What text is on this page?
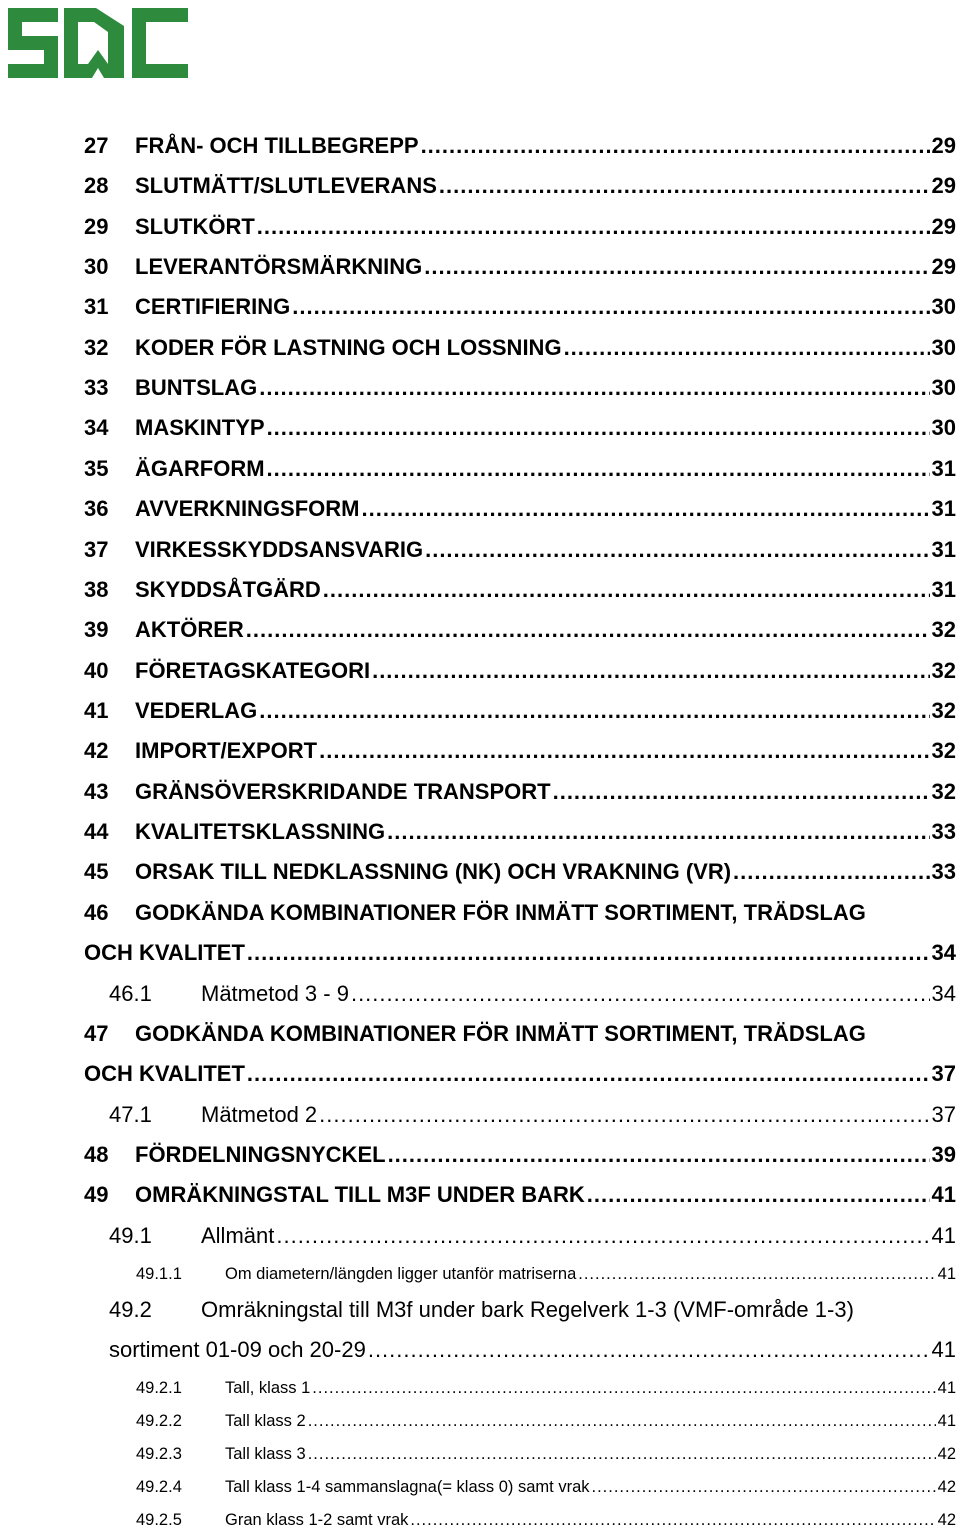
27	FRÅN- OCH TILLBEGREPP .....	29
28	SLUTMÄTT/SLUTLEVERANS .....	29
29	SLUTKÖRT .....	29
30	LEVERANTÖRSMÄRKNING .....	29
31	CERTIFIERING .....	30
32	KODER FÖR LASTNING OCH LOSSNING .....	30
33	BUNTSLAG .....	30
34	MASKINTYP .....	30
35	ÄGARFORM .....	31
36	AVVERKNINGSFORM .....	31
37	VIRKESSKYDDSANSVARIG .....	31
38	SKYDDSÅTGÄRD .....	31
39	AKTÖRER .....	32
40	FÖRETAGSKATEGORI .....	32
41	VEDERLAG .....	32
42	IMPORT/EXPORT .....	32
43	GRÄNSÖVERSKRIDANDE TRANSPORT .....	32
44	KVALITETSKLASSNING .....	33
45	ORSAK TILL NEDKLASSNING (NK) OCH VRAKNING (VR) .....	33
46 GODKÄNDA KOMBINATIONER FÖR INMÄTT SORTIMENT, TRÄDSLAG
OCH KVALITET .....	34
46.1	Mätmetod 3 - 9 .....	34
47 GODKÄNDA KOMBINATIONER FÖR INMÄTT SORTIMENT, TRÄDSLAG
OCH KVALITET .....	37
47.1	Mätmetod 2 .....	37
48	FÖRDELNINGSNYCKEL .....	39
49	OMRÄKNINGSTAL TILL M3F UNDER BARK .....	41
49.1	Allmänt .....	41
49.1.1	Om diametern/längden ligger utanför matriserna .....	41
49.2 Omräkningstal till M3f under bark Regelverk 1-3 (VMF-område 1-3)
sortiment 01-09 och 20-29 .....	41
49.2.1	Tall, klass 1 .....	41
49.2.2	Tall klass 2 .....	41
49.2.3	Tall klass 3 .....	42
49.2.4	Tall klass 1-4 sammanslagna(= klass 0) samt vrak .....	42
49.2.5	Gran klass 1-2 samt vrak .....	42
